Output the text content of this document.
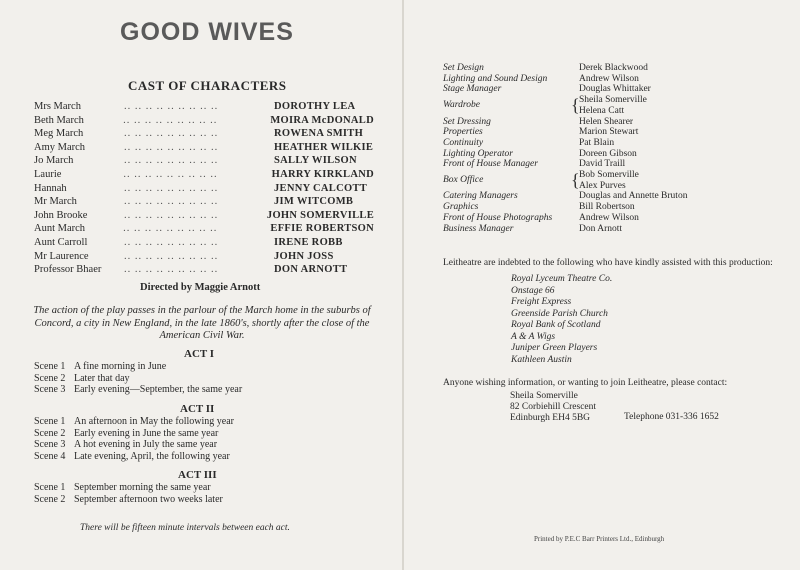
GOOD WIVES
CAST OF CHARACTERS
Mrs March	.. .. .. .. .. .. .. .. ..	DOROTHY LEA
Beth March	.. .. .. .. .. .. .. .. ..	MOIRA McDONALD
Meg March	.. .. .. .. .. .. .. .. ..	ROWENA SMITH
Amy March	.. .. .. .. .. .. .. .. ..	HEATHER WILKIE
Jo March	.. .. .. .. .. .. .. .. ..	SALLY WILSON
Laurie	.. .. .. .. .. .. .. .. ..	HARRY KIRKLAND
Hannah	.. .. .. .. .. .. .. .. ..	JENNY CALCOTT
Mr March	.. .. .. .. .. .. .. .. ..	JIM WITCOMB
John Brooke	.. .. .. .. .. .. .. .. ..	JOHN SOMERVILLE
Aunt March	.. .. .. .. .. .. .. .. ..	EFFIE ROBERTSON
Aunt Carroll	.. .. .. .. .. .. .. .. ..	IRENE ROBB
Mr Laurence	.. .. .. .. .. .. .. .. ..	JOHN JOSS
Professor Bhaer	.. .. .. .. .. .. .. .. ..	DON ARNOTT
Directed by Maggie Arnott
The action of the play passes in the parlour of the March home in the suburbs of Concord, a city in New England, in the late 1860's, shortly after the close of the American Civil War.
ACT I
Scene 1 A fine morning in June
Scene 2 Later that day
Scene 3 Early evening—September, the same year
ACT II
Scene 1 An afternoon in May the following year
Scene 2 Early evening in June the same year
Scene 3 A hot evening in July the same year
Scene 4 Late evening, April, the following year
ACT III
Scene 1 September morning the same year
Scene 2 September afternoon two weeks later
There will be fifteen minute intervals between each act.
Set Design	Derek Blackwood
Lighting and Sound Design	Andrew Wilson
Stage Manager	Douglas Whittaker
Wardrobe	{ Sheila Somerville
Helena Catt
Set Dressing	Helen Shearer
Properties	Marion Stewart
Continuity	Pat Blain
Lighting Operator	Doreen Gibson
Front of House Manager	David Traill
Box Office	{ Bob Somerville
Alex Purves
Catering Managers	Douglas and Annette Bruton
Graphics	Bill Robertson
Front of House Photographs	Andrew Wilson
Business Manager	Don Arnott
Leitheatre are indebted to the following who have kindly assisted with this production:
Royal Lyceum Theatre Co.
Onstage 66
Freight Express
Greenside Parish Church
Royal Bank of Scotland
A & A Wigs
Juniper Green Players
Kathleen Austin
Anyone wishing information, or wanting to join Leitheatre, please contact:
Sheila Somerville
82 Corbiehill Crescent
Edinburgh EH4 5BG	Telephone 031-336 1652
Printed by P.E.C Barr Printers Ltd., Edinburgh
